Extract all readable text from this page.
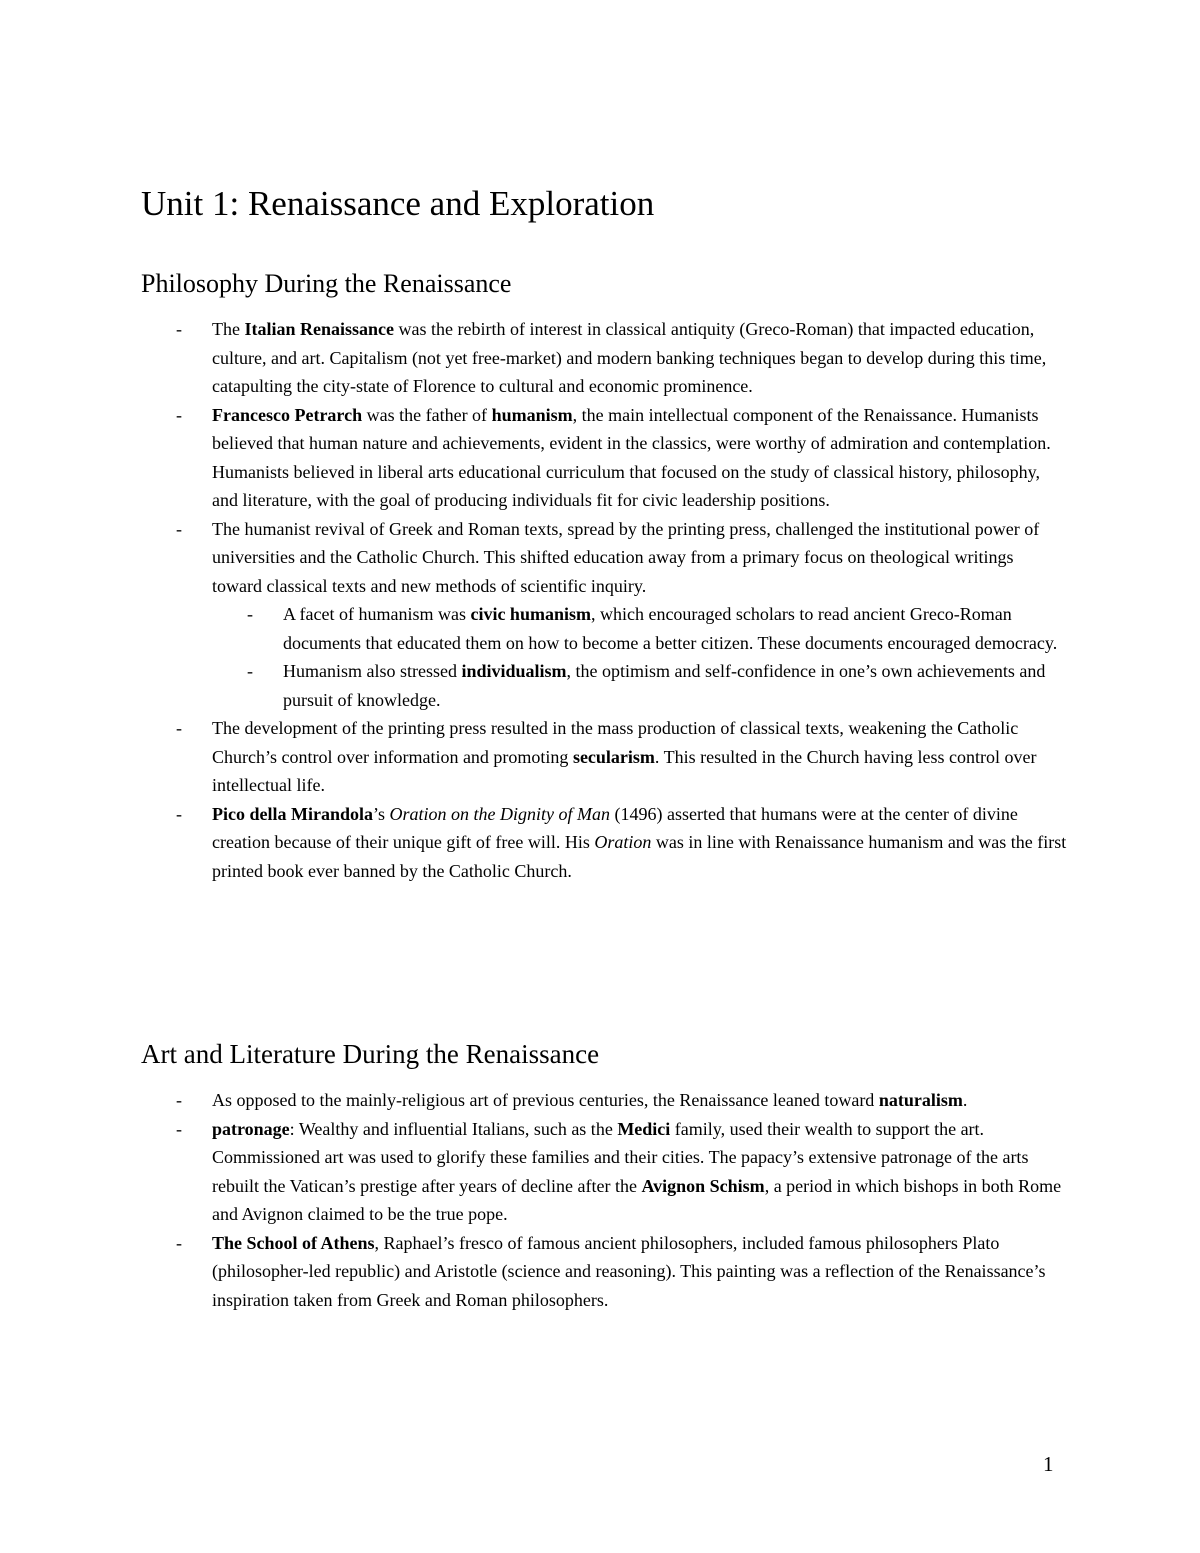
Unit 1: Renaissance and Exploration
Philosophy During the Renaissance
- The Italian Renaissance was the rebirth of interest in classical antiquity (Greco-Roman) that impacted education, culture, and art. Capitalism (not yet free-market) and modern banking techniques began to develop during this time, catapulting the city-state of Florence to cultural and economic prominence.
- Francesco Petrarch was the father of humanism, the main intellectual component of the Renaissance. Humanists believed that human nature and achievements, evident in the classics, were worthy of admiration and contemplation. Humanists believed in liberal arts educational curriculum that focused on the study of classical history, philosophy, and literature, with the goal of producing individuals fit for civic leadership positions.
- The humanist revival of Greek and Roman texts, spread by the printing press, challenged the institutional power of universities and the Catholic Church. This shifted education away from a primary focus on theological writings toward classical texts and new methods of scientific inquiry.
- A facet of humanism was civic humanism, which encouraged scholars to read ancient Greco-Roman documents that educated them on how to become a better citizen. These documents encouraged democracy.
- Humanism also stressed individualism, the optimism and self-confidence in one’s own achievements and pursuit of knowledge.
- The development of the printing press resulted in the mass production of classical texts, weakening the Catholic Church’s control over information and promoting secularism. This resulted in the Church having less control over intellectual life.
- Pico della Mirandola’s Oration on the Dignity of Man (1496) asserted that humans were at the center of divine creation because of their unique gift of free will. His Oration was in line with Renaissance humanism and was the first printed book ever banned by the Catholic Church.
Art and Literature During the Renaissance
- As opposed to the mainly-religious art of previous centuries, the Renaissance leaned toward naturalism.
- patronage: Wealthy and influential Italians, such as the Medici family, used their wealth to support the art. Commissioned art was used to glorify these families and their cities. The papacy’s extensive patronage of the arts rebuilt the Vatican’s prestige after years of decline after the Avignon Schism, a period in which bishops in both Rome and Avignon claimed to be the true pope.
- The School of Athens, Raphael’s fresco of famous ancient philosophers, included famous philosophers Plato (philosopher-led republic) and Aristotle (science and reasoning). This painting was a reflection of the Renaissance’s inspiration taken from Greek and Roman philosophers.
1
